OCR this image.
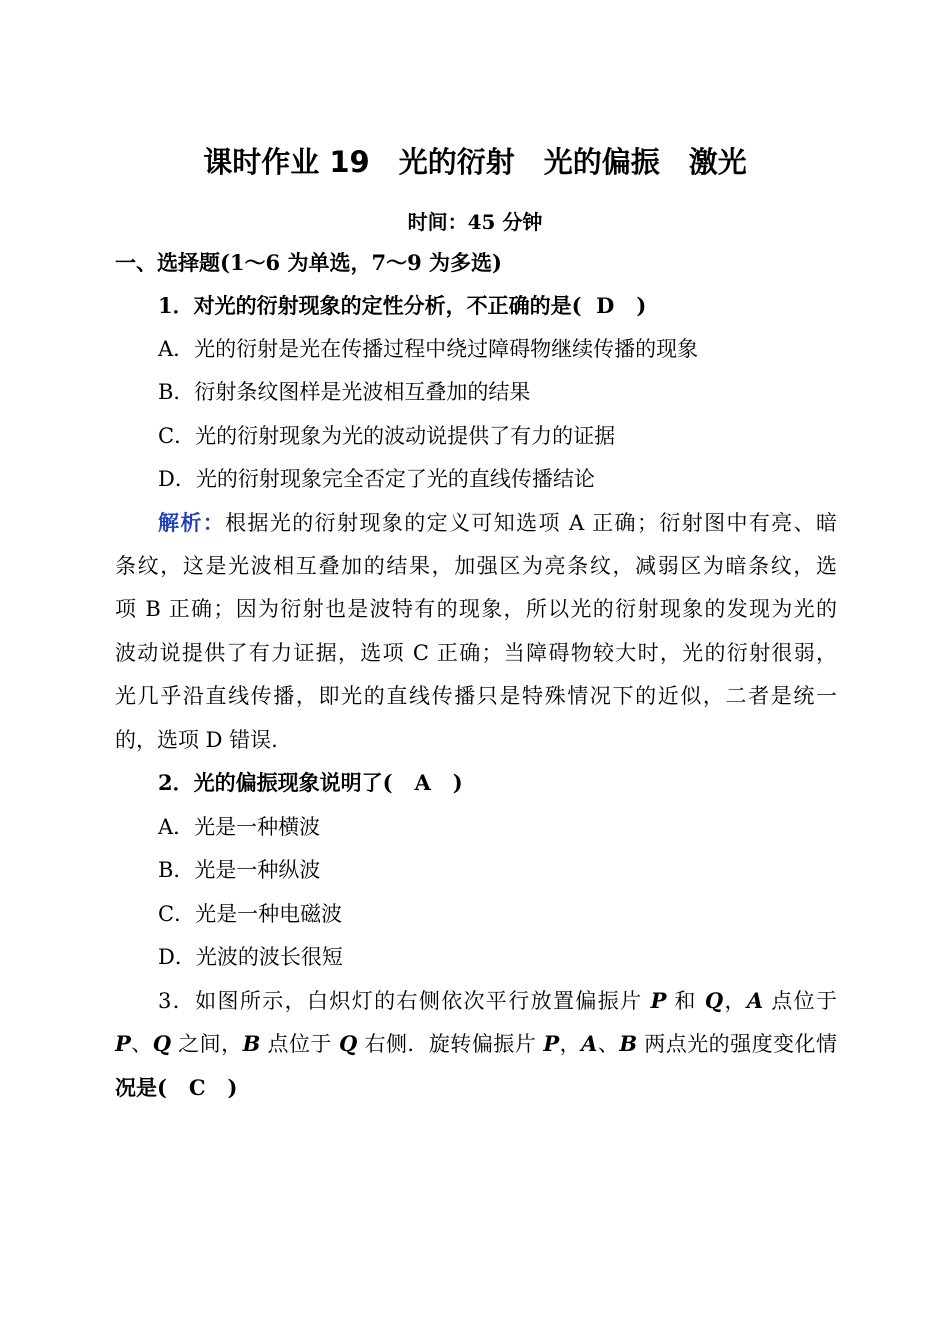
课时作业 19　光的衍射　光的偏振　激光
时间：45 分钟
一、选择题(1～6 为单选，7～9 为多选)
1．对光的衍射现象的定性分析，不正确的是( D )
A．光的衍射是光在传播过程中绕过障碍物继续传播的现象
B．衍射条纹图样是光波相互叠加的结果
C．光的衍射现象为光的波动说提供了有力的证据
D．光的衍射现象完全否定了光的直线传播结论
解析：根据光的衍射现象的定义可知选项 A 正确；衍射图中有亮、暗
条纹，这是光波相互叠加的结果，加强区为亮条纹，减弱区为暗条纹，选
项 B 正确；因为衍射也是波特有的现象，所以光的衍射现象的发现为光的
波动说提供了有力证据，选项 C 正确；当障碍物较大时，光的衍射很弱，
光几乎沿直线传播，即光的直线传播只是特殊情况下的近似，二者是统一
的，选项 D 错误.
2．光的偏振现象说明了( A )
A．光是一种横波
B．光是一种纵波
C．光是一种电磁波
D．光波的波长很短
3．如图所示，白炽灯的右侧依次平行放置偏振片 P 和 Q，A 点位于
P、Q 之间，B 点位于 Q 右侧．旋转偏振片 P，A、B 两点光的强度变化情
况是( C )
